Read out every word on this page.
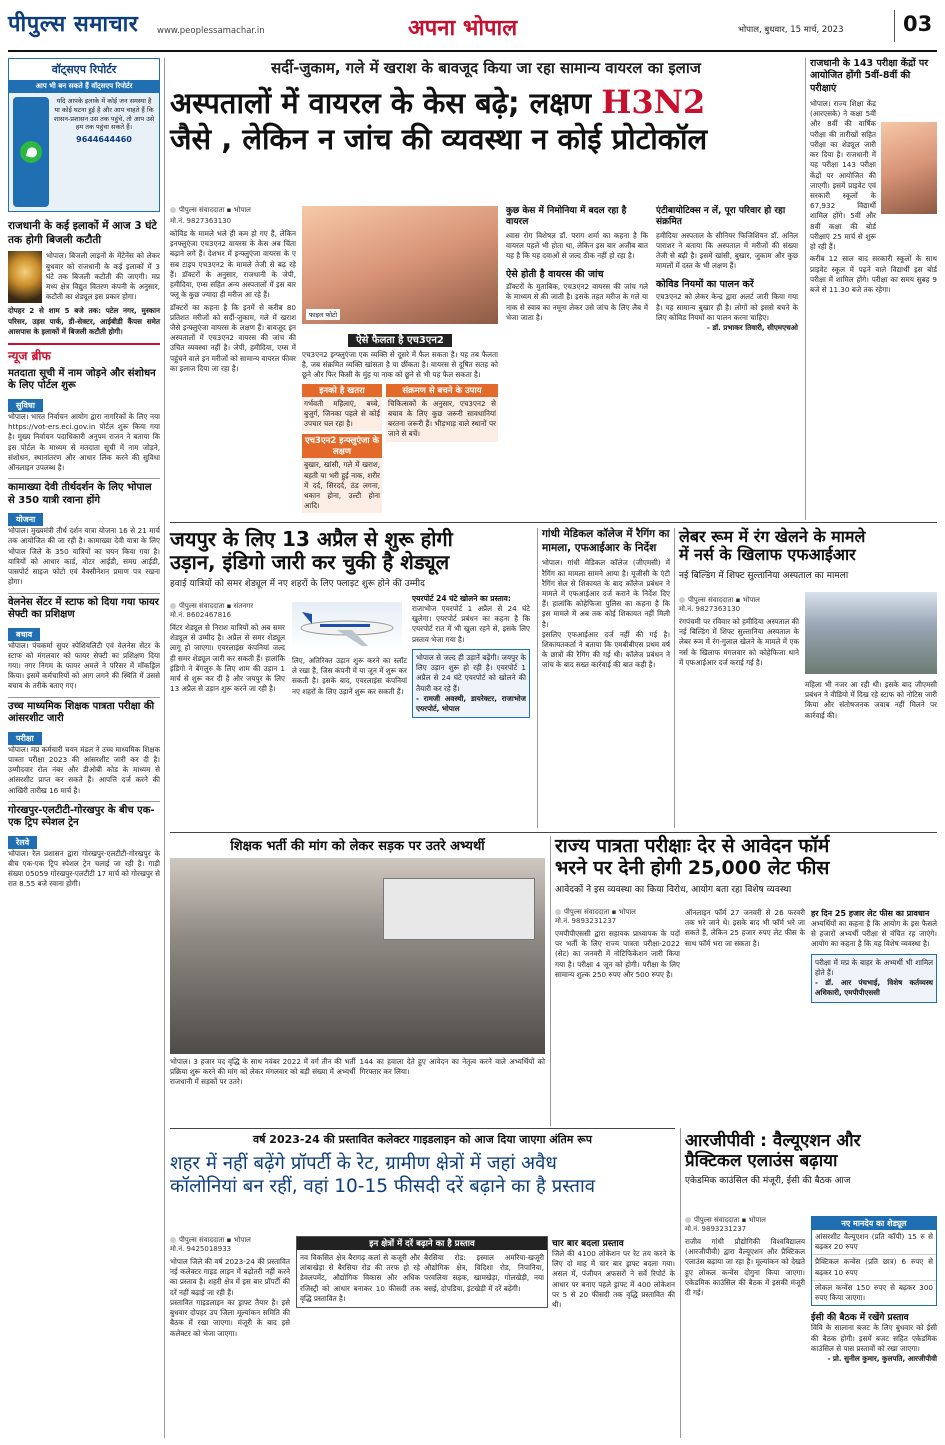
पीपुल्स समाचार www.peoplessamachar.in	अपना भोपाल	भोपाल, बुधवार, 15 मार्च, 2023	03
वॉट्सएप रिपोर्टर
आप भी बन सकते हैं वॉट्सएप रिपोर्टर
यदि आपके इलाके में कोई जन समस्या है या कोई घटना हुई है और आप चाहते हैं कि शासन-प्रशासन उस तक पहुंचे, तो आप उसे हम तक पहुंचा सकते हैं।
9644644460
राजधानी के कई इलाकों में आज 3 घंटे तक होगी बिजली कटौती
भोपाल। बिजली लाइनों के मेंटेनेंस को लेकर बुधवार को राजधानी के कई इलाकों में 3 घंटे तक बिजली कटौती की जाएगी। मप्र मध्य क्षेत्र विद्युत वितरण कंपनी के अनुसार, कटौती का शेड्यूल इस प्रकार होगा।
दोपहर 2 से शाम 5 बजे तक: पटेल नगर, मुस्कान परिसर, उड़स पार्क, डी-सेक्टर, आईबीडी कैंपस समेत आसपास के इलाकों में बिजली कटौती होगी।
न्यूज ब्रीफ
मतदाता सूची में नाम जोड़ने और संशोधन के लिए पोर्टल शुरू
सुविधा
भोपाल। भारत निर्वाचन आयोग द्वारा नागरिकों के लिए नया https://vot-ers.eci.gov.in पोर्टल शुरू किया गया है। मुख्य निर्वाचन पदाधिकारी अनुपम राजन ने बताया कि इस पोर्टल के माध्यम से मतदाता सूची में नाम जोड़ने, संशोधन, स्थानांतरण और आधार लिंक करने की सुविधा ऑनलाइन उपलब्ध है।
कामाख्या देवी तीर्थदर्शन के लिए भोपाल से 350 यात्री रवाना होंगे
योजना
भोपाल। मुख्यमंत्री तीर्थ दर्शन यात्रा योजना 16 से 21 मार्च तक आयोजित की जा रही है। कामाख्या देवी यात्रा के लिए भोपाल जिले के 350 यात्रियों का चयन किया गया है। यात्रियों को आधार कार्ड, वोटर आईडी, समग्र आईडी, पासपोर्ट साइज फोटो एवं वैक्सीनेशन प्रमाण पत्र रखना होगा।
वेलनेस सेंटर में स्टाफ को दिया गया फायर सेफ्टी का प्रशिक्षण
बचाव
भोपाल। पंचकर्मा सुपर स्पेशियलिटी एवं वेलनेस सेंटर के स्टाफ को मंगलवार को फायर सेफ्टी का प्रशिक्षण दिया गया। नगर निगम के फायर अमले ने परिसर में मॉकड्रिल किया। इसमें कर्मचारियों को आग लगने की स्थिति में उससे बचाव के तरीके बताए गए।
उच्च माध्यमिक शिक्षक पात्रता परीक्षा की आंसरशीट जारी
परीक्षा
भोपाल। मप्र कर्मचारी चयन मंडल ने उच्च माध्यमिक शिक्षक पात्रता परीक्षा 2023 की आंसरशीट जारी कर दी है। उम्मीदवार रोल नंबर और डीओबी कोड के माध्यम से आंसरशीट प्राप्त कर सकते हैं। आपत्ति दर्ज करने की आखिरी तारीख 16 मार्च है।
गोरखपुर-एलटीटी-गोरखपुर के बीच एक-एक ट्रिप स्पेशल ट्रेन
रेलवे
भोपाल। रेल प्रशासन द्वारा गोरखपुर-एलटीटी-गोरखपुर के बीच एक-एक ट्रिप स्पेशल ट्रेन चलाई जा रही है। गाड़ी संख्या 05059 गोरखपुर-एलटीटी 17 मार्च को गोरखपुर से रात 8.55 बजे रवाना होगी।
सर्दी-जुकाम, गले में खराश के बावजूद किया जा रहा सामान्य वायरल का इलाज
अस्पतालों में वायरल के केस बढ़े; लक्षण H3N2
जैसे , लेकिन न जांच की व्यवस्था न कोई प्रोटोकॉल
पीपुल्स संवाददाता ▪ भोपाल
मो.नं. 9827363130
कोविड के मामले भले ही कम हो गए हैं, लेकिन इनफ्लुएंजा एच3एन2 वायरस के केस अब चिंता बढ़ाने लगे हैं। देशभर में इन्फ्लुएंजा वायरस के ए सब टाइप एच3एन2 के मामले तेजी से बढ़ रहे हैं। डॉक्टरों के अनुसार, राजधानी के जेपी, हमीदिया, एम्स सहित अन्य अस्पतालों में इस बार फ्लू के कुछ ज्यादा ही मरीज आ रहे हैं।
डॉक्टरों का कहना है कि इनमें से करीब 80 प्रतिशत मरीजों को सर्दी-जुकाम, गले में खराश जैसे इन्फ्लुएंजा वायरस के लक्षण हैं। बावजूद इन अस्पतालों में एच3एन2 वायरस की जांच की उचित व्यवस्था नहीं है। जेपी, हमीदिया, एम्स में पहुंचने वाले इन मरीजों को सामान्य वायरल फीवर का इलाज दिया जा रहा है।
फाइल फोटो
ऐसे फैलता है एच3एन2
एच3एन2 इन्फ्लुएंजा एक व्यक्ति से दूसरे में फैल सकता है। यह तब फैलता है, जब संक्रमित व्यक्ति खांसता है या छींकता है। वायरस से दूषित सतह को छूने और फिर किसी के मुंह या नाक को छूने से भी यह फैल सकता है।
इनको है खतरा
गर्भवती महिलाएं, बच्चे, बुजुर्ग, जिनका पहले से कोई उपचार चल रहा है।
एच3एन2 इन्फ्लुएंजा के लक्षण
बुखार, खांसी, गले में खराश, बहती या भरी हुई नाक, शरीर में दर्द, सिरदर्द, ठंड लगना, थकान होना, उल्टी होना आदि।
संक्रमण से बचने के उपाय
चिकित्सकों के अनुसार, एच3एन2 से बचाव के लिए कुछ जरूरी सावधानियां बरतना जरूरी हैं। भीड़भाड़ वाले स्थानों पर जाने से बचें।
कुछ केस में निमोनिया में बदल रहा है वायरल
श्वास रोग विशेषज्ञ डॉ. पराग शर्मा का कहना है कि वायरल पहले भी होता था, लेकिन इस बार अजीब बात यह है कि यह दवाओं से जल्द ठीक नहीं हो रहा है।
ऐसे होती है वायरस की जांच
डॉक्टरों के मुताबिक, एच3एन2 वायरस की जांच गले के माध्यम से की जाती है। इसके तहत मरीज के गले या नाक से स्वाब का नमूना लेकर उसे जांच के लिए लैब में भेजा जाता है।
एंटीबायोटिक्स न लें, पूरा परिवार हो रहा संक्रमित
हमीदिया अस्पताल के सीनियर फिजिशियन डॉ. अनिल पाराशर ने बताया कि अस्पताल में मरीजों की संख्या तेजी से बढ़ी है। इसमें खांसी, बुखार, जुकाम और कुछ मामलों में दस्त के भी लक्षण हैं।
कोविड नियमों का पालन करें
एच3एन2 को लेकर केन्द्र द्वारा अलर्ट जारी किया गया है। यह सामान्य बुखार ही है। लोगों को इससे बचने के लिए कोविड नियमों का पालन करना चाहिए।
- डॉ. प्रभाकर तिवारी, सीएमएचओ
राजधानी के 143 परीक्षा केंद्रों पर आयोजित होंगी 5वीं-8वीं की परीक्षाएं
भोपाल। राज्य शिक्षा केंद्र (आरएसके) ने कक्षा 5वीं और 8वीं की वार्षिक परीक्षा की तारीखों सहित परीक्षा का शेड्यूल जारी कर दिया है। राजधानी में यह परीक्षा 143 परीक्षा केंद्रों पर आयोजित की जाएगी। इसमें प्राइवेट एवं सरकारी स्कूलों के 67,932 विद्यार्थी शामिल होंगे। 5वीं और 8वीं कक्षा की बोर्ड परीक्षाएं 25 मार्च से शुरू हो रही हैं।
करीब 12 साल बाद सरकारी स्कूलों के साथ प्राइवेट स्कूल में पढ़ने वाले विद्यार्थी इस बोर्ड परीक्षा में शामिल होंगे। परीक्षा का समय सुबह 9 बजे से 11.30 बजे तक रहेगा।
जयपुर के लिए 13 अप्रैल से शुरू होगी
उड़ान, इंडिगो जारी कर चुकी है शेड्यूल
हवाई यात्रियों को समर शेड्यूल में नए शहरों के लिए फ्लाइट शुरू होने की उम्मीद
पीपुल्स संवाददाता ▪ संतनगर
मो.नं. 8602467816
विंटर शेड्यूल से निराश यात्रियों को अब समर शेड्यूल से उम्मीद है। अप्रैल से समर शेड्यूल लागू हो जाएगा। एयरलाइंस कंपनियां जल्द ही समर शेड्यूल जारी कर सकती हैं। हालांकि इंडिगो ने बेंगलुरु के लिए शाम की उड़ान 1 मार्च से शुरू कर दी है और जयपुर के लिए 13 अप्रैल से उड़ान शुरू करने जा रही है।
लिए, अतिरिक्त उड़ान शुरू करने का स्लॉट ले रखा है, जिस कंपनी में या जून में शुरू कर सकती है। इसके बाद, एयरलाइंस कंपनियां नए शहरों के लिए उड़ानें शुरू कर सकती हैं।
एयरपोर्ट 24 घंटे खोलने का प्रस्ताव:
राजाभोज एयरपोर्ट 1 अप्रैल से 24 घंटे खुलेगा। एयरपोर्ट प्रबंधन का कहना है कि एयरपोर्ट रात में भी खुला रहने से, इसके लिए प्रस्ताव भेजा गया है।
भोपाल से जल्द ही उड़ानें बढ़ेंगी। जयपुर के लिए उड़ान शुरू हो रही है। एयरपोर्ट 1 अप्रैल से 24 घंटे एयरपोर्ट को खोलने की तैयारी कर रहे हैं।
- रामजी अवस्थी, डायरेक्टर, राजाभोज एयरपोर्ट, भोपाल
गांधी मेडिकल कॉलेज में रैगिंग का मामला, एफआईआर के निर्देश
भोपाल। गांधी मेडिकल कॉलेज (जीएमसी) में रैगिंग का मामला सामने आया है। यूजीसी के एंटी रैगिंग सेल से शिकायत के बाद कॉलेज प्रबंधन ने मामले में एफआईआर दर्ज कराने के निर्देश दिए हैं। हालांकि कोहेफिजा पुलिस का कहना है कि इस मामले में अब तक कोई शिकायत नहीं मिली है।
इसलिए एफआईआर दर्ज नहीं की गई है। शिकायतकर्ता ने बताया कि एमबीबीएस प्रथम वर्ष के छात्रों की रैगिंग की गई थी। कॉलेज प्रबंधन ने जांच के बाद सख्त कार्रवाई की बात कही है।
लेबर रूम में रंग खेलने के मामले
में नर्स के खिलाफ एफआईआर
नई बिल्डिंग में शिफ्ट सुल्तानिया अस्पताल का मामला
पीपुल्स संवाददाता ▪ भोपाल
मो.नं. 9827363130
रंगपंचमी पर रविवार को हमीदिया अस्पताल की नई बिल्डिंग में शिफ्ट सुल्तानिया अस्पताल के लेबर रूम में रंग-गुलाल खेलने के मामले में एक नर्स के खिलाफ मंगलवार को कोहेफिजा थाने में एफआईआर दर्ज कराई गई है।
महिला भी नजर आ रही थी। इसके बाद जीएमसी प्रबंधन ने वीडियो में दिख रहे स्टाफ को नोटिस जारी किया और संतोषजनक जवाब नहीं मिलने पर कार्रवाई की।
शिक्षक भर्ती की मांग को लेकर सड़क पर उतरे अभ्यर्थी
भोपाल। 3 हजार पद वृद्धि के साथ नवंबर 2022 में वर्ग तीन की भर्ती प्रक्रिया शुरू करने की मांग को लेकर मंगलवार को बड़ी संख्या में अभ्यर्थी राजधानी में सड़कों पर उतरे।
144 का हवाला देते हुए आवेदन का नेतृत्व करने वाले अभ्यर्थियों को गिरफ्तार कर लिया।
राज्य पात्रता परीक्षाः देर से आवेदन फॉर्म
भरने पर देनी होगी 25,000 लेट फीस
आवेदकों ने इस व्यवस्था का किया विरोध, आयोग बता रहा विशेष व्यवस्था
पीपुल्स संवाददाता ▪ भोपाल
मो.नं. 9893231237
एमपीपीएससी द्वारा सहायक प्राध्यापक के पदों पर भर्ती के लिए राज्य पात्रता परीक्षा-2022 (सेट) का जनवरी में नोटिफिकेशन जारी किया गया है। परीक्षा 4 जून को होगी। परीक्षा के लिए सामान्य शुल्क 250 रुपए और 500 रुपए है।
ऑनलाइन फॉर्म 27 जनवरी से 26 फरवरी तक भरे जाने थे। इसके बाद भी फॉर्म भरे जा सकते हैं, लेकिन 25 हजार रुपए लेट फीस के साथ फॉर्म भरा जा सकता है।
हर दिन 25 हजार लेट फीस का प्रावधान
अभ्यर्थियों का कहना है कि आयोग के इस फैसले से हजारों अभ्यर्थी परीक्षा से वंचित रह जाएंगे। आयोग का कहना है कि यह विशेष व्यवस्था है।
परीक्षा में मप्र के बाहर के अभ्यर्थी भी शामिल होते हैं।
- डॉ. आर पंचभाई, विशेष कर्तव्यस्थ अधिकारी, एमपीपीएससी
वर्ष 2023-24 की प्रस्तावित कलेक्टर गाइडलाइन को आज दिया जाएगा अंतिम रूप
शहर में नहीं बढ़ेंगे प्रॉपर्टी के रेट, ग्रामीण क्षेत्रों में जहां अवैध
कॉलोनियां बन रहीं, वहां 10-15 फीसदी दरें बढ़ाने का है प्रस्ताव
पीपुल्स संवाददाता ▪ भोपाल
मो.नं. 9425018933
भोपाल जिले की वर्ष 2023-24 की प्रस्तावित नई कलेक्टर गाइड लाइन में बढ़ोतरी नहीं करने का प्रस्ताव है। शहरी क्षेत्र में इस बार प्रॉपर्टी की दरें नहीं बढ़ाई जा रही हैं।
प्रस्तावित गाइडलाइन का ड्राफ्ट तैयार है। इसे बुधवार दोपहर उप जिला मूल्यांकन समिति की बैठक में रखा जाएगा। मंजूरी के बाद इसे कलेक्टर को भेजा जाएगा।
इन क्षेत्रों में दरें बढ़ाने का है प्रस्ताव
नव विकसित क्षेत्र बैरागढ़ कलां से कजूरी और लांबाखेड़ा से बैरसिया रोड की तरफ हो रहे डेवलपमेंट, औद्योगिक विकास और अधिक रजिस्ट्री को आधार बनाकर 10 फीसदी तक वृद्धि प्रस्तावित है।
बैरसिया रोड: इस्माल अमरिया-खजूरी औद्योगिक क्षेत्र, विदिशा रोड, निपानिया, परवलिया सड़क, खामखेड़ा, गोलखेड़ी, नया बसई, दोपडिया, इंटखेड़ी में दरें बढ़ेंगी।
चार बार बदला प्रस्ताव
जिले की 4100 लोकेशन पर रेट तय करने के लिए दो माह में चार बार ड्राफ्ट बदला गया। असल में, पंजीयन अफसरों ने सर्वे रिपोर्ट के आधार पर बनाए पहले ड्राफ्ट में 400 लोकेशन पर 5 से 20 फीसदी तक वृद्धि प्रस्तावित की थी।
आरजीपीवी : वैल्यूएशन और
प्रैक्टिकल एलाउंस बढ़ाया
एकेडमिक काउंसिल की मंजूरी, ईसी की बैठक आज
पीपुल्स संवाददाता ▪ भोपाल
मो.नं. 9893231237
राजीव गांधी प्रौद्योगिकी विश्वविद्यालय (आरजीपीवी) द्वारा वैल्यूएशन और प्रैक्टिकल एलाउंस बढ़ाया जा रहा है। मूल्यांकन को देखते हुए लोकल कन्वेंस दोगुना किया जाएगा। एकेडमिक काउंसिल की बैठक में इसकी मंजूरी दी गई।
नए मानदेय का शेड्यूल
आंसरशीट वैल्यूएशन (प्रति कॉपी) 15 रु से बढ़कर 20 रुपए
प्रैक्टिकल कन्वेंस (प्रति छात्र) 6 रुपए से बढ़कर 10 रुपए
लोकल कन्वेंस 150 रुपए से बढ़कर 300 रुपए किया जाएगा।
ईसी की बैठक में रखेंगे प्रस्ताव
विवि के सालाना बजट के लिए बुधवार को ईसी की बैठक होगी। इसमें बजट सहित एकेडमिक काउंसिल से पास प्रस्तावों को रखा जाएगा।
- प्रो. सुनील कुमार, कुलपति, आरजीपीवी
